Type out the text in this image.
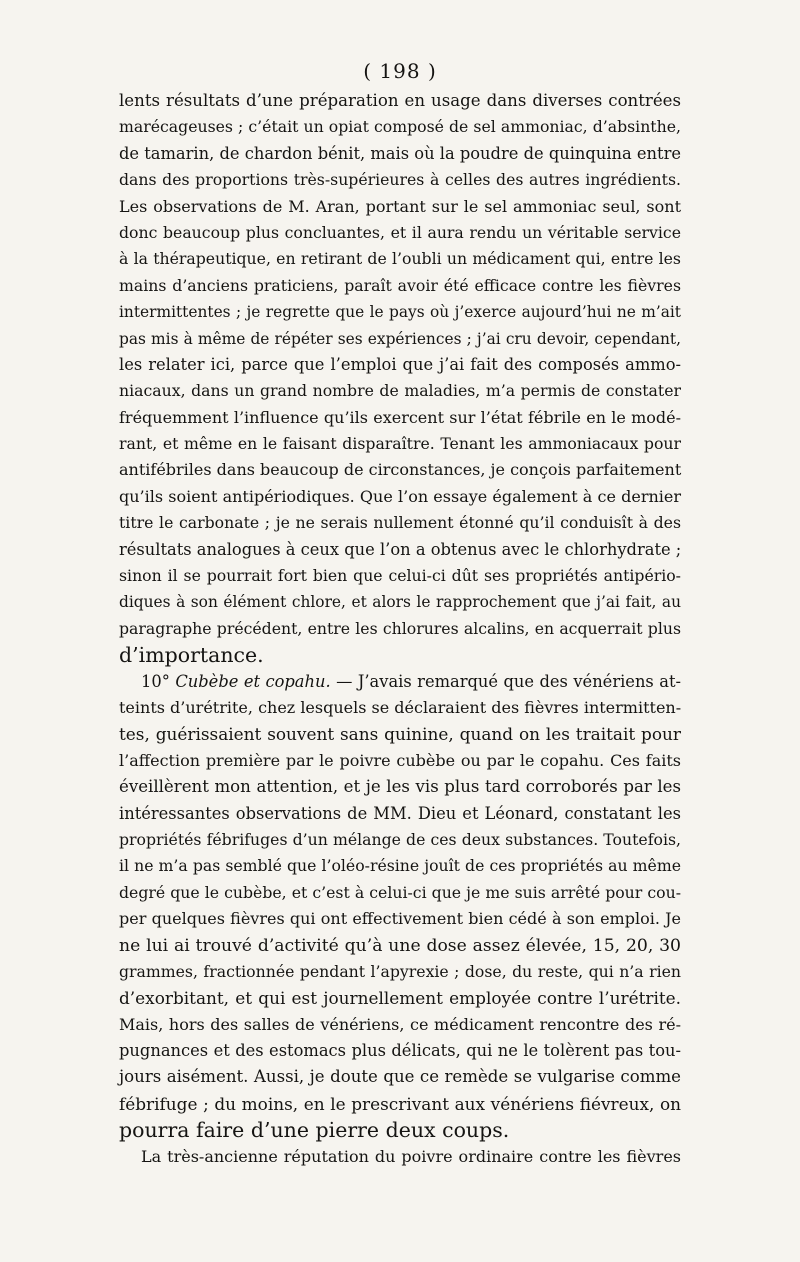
( 198 )
lents résultats d’une préparation en usage dans diverses contrées
marécageuses ; c’était un opiat composé de sel ammoniac, d’absinthe,
de tamarin, de chardon bénit, mais où la poudre de quinquina entre
dans des proportions très-supérieures à celles des autres ingrédients.
Les observations de M. Aran, portant sur le sel ammoniac seul, sont
donc beaucoup plus concluantes, et il aura rendu un véritable service
à la thérapeutique, en retirant de l’oubli un médicament qui, entre les
mains d’anciens praticiens, paraît avoir été efficace contre les fièvres
intermittentes ; je regrette que le pays où j’exerce aujourd’hui ne m’ait
pas mis à même de répéter ses expériences ; j’ai cru devoir, cependant,
les relater ici, parce que l’emploi que j’ai fait des composés ammo-
niacaux, dans un grand nombre de maladies, m’a permis de constater
fréquemment l’influence qu’ils exercent sur l’état fébrile en le modé-
rant, et même en le faisant disparaître. Tenant les ammoniacaux pour
antifébriles dans beaucoup de circonstances, je conçois parfaitement
qu’ils soient antipériodiques. Que l’on essaye également à ce dernier
titre le carbonate ; je ne serais nullement étonné qu’il conduisît à des
résultats analogues à ceux que l’on a obtenus avec le chlorhydrate ;
sinon il se pourrait fort bien que celui-ci dût ses propriétés antipério-
diques à son élément chlore, et alors le rapprochement que j’ai fait, au
paragraphe précédent, entre les chlorures alcalins, en acquerrait plus
d’importance.
10° Cubèbe et copahu. — J’avais remarqué que des vénériens at-
teints d’urétrite, chez lesquels se déclaraient des fièvres intermitten-
tes, guérissaient souvent sans quinine, quand on les traitait pour
l’affection première par le poivre cubèbe ou par le copahu. Ces faits
éveillèrent mon attention, et je les vis plus tard corroborés par les
intéressantes observations de MM. Dieu et Léonard, constatant les
propriétés fébrifuges d’un mélange de ces deux substances. Toutefois,
il ne m’a pas semblé que l’oléo-résine jouît de ces propriétés au même
degré que le cubèbe, et c’est à celui-ci que je me suis arrêté pour cou-
per quelques fièvres qui ont effectivement bien cédé à son emploi. Je
ne lui ai trouvé d’activité qu’à une dose assez élevée, 15, 20, 30
grammes, fractionnée pendant l’apyrexie ; dose, du reste, qui n’a rien
d’exorbitant, et qui est journellement employée contre l’urétrite.
Mais, hors des salles de vénériens, ce médicament rencontre des ré-
pugnances et des estomacs plus délicats, qui ne le tolèrent pas tou-
jours aisément. Aussi, je doute que ce remède se vulgarise comme
fébrifuge ; du moins, en le prescrivant aux vénériens fiévreux, on
pourra faire d’une pierre deux coups.
La très-ancienne réputation du poivre ordinaire contre les fièvres
